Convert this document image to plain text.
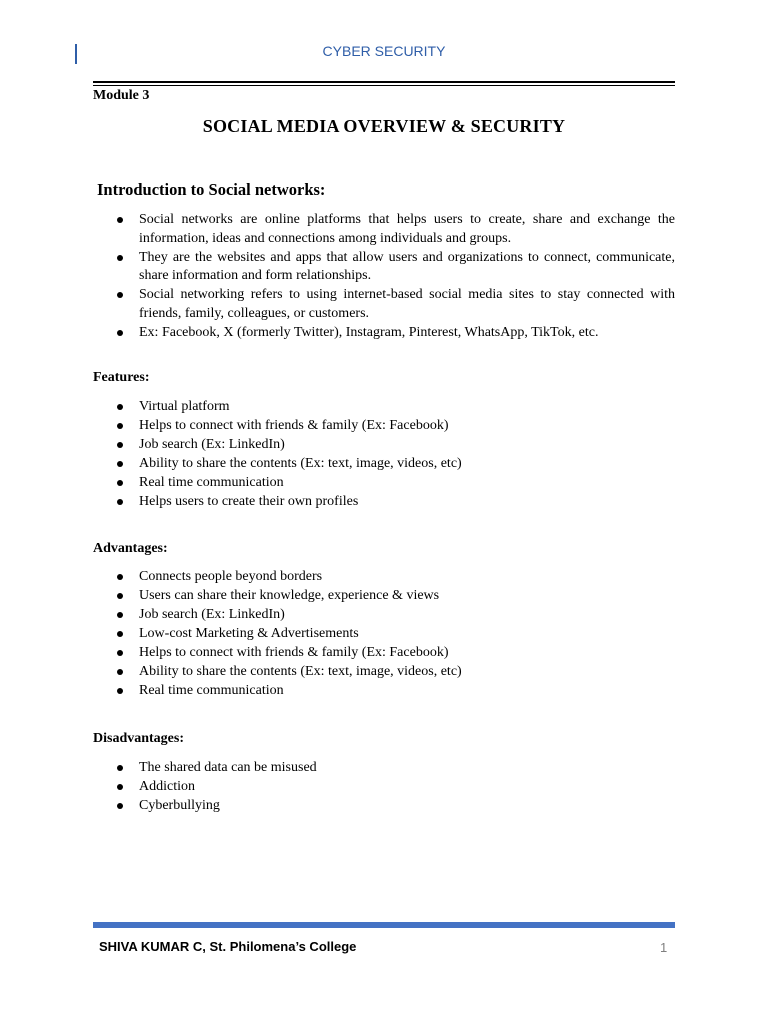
CYBER SECURITY
Module 3
SOCIAL MEDIA OVERVIEW & SECURITY
Introduction to Social networks:
Social networks are online platforms that helps users to create, share and exchange the information, ideas and connections among individuals and groups.
They are the websites and apps that allow users and organizations to connect, communicate, share information and form relationships.
Social networking refers to using internet-based social media sites to stay connected with friends, family, colleagues, or customers.
Ex: Facebook, X (formerly Twitter), Instagram, Pinterest, WhatsApp, TikTok, etc.
Features:
Virtual platform
Helps to connect with friends & family (Ex: Facebook)
Job search (Ex: LinkedIn)
Ability to share the contents (Ex: text, image, videos, etc)
Real time communication
Helps users to create their own profiles
Advantages:
Connects people beyond borders
Users can share their knowledge, experience & views
Job search (Ex: LinkedIn)
Low-cost Marketing & Advertisements
Helps to connect with friends & family (Ex: Facebook)
Ability to share the contents (Ex: text, image, videos, etc)
Real time communication
Disadvantages:
The shared data can be misused
Addiction
Cyberbullying
SHIVA KUMAR C, St. Philomena’s College	1
